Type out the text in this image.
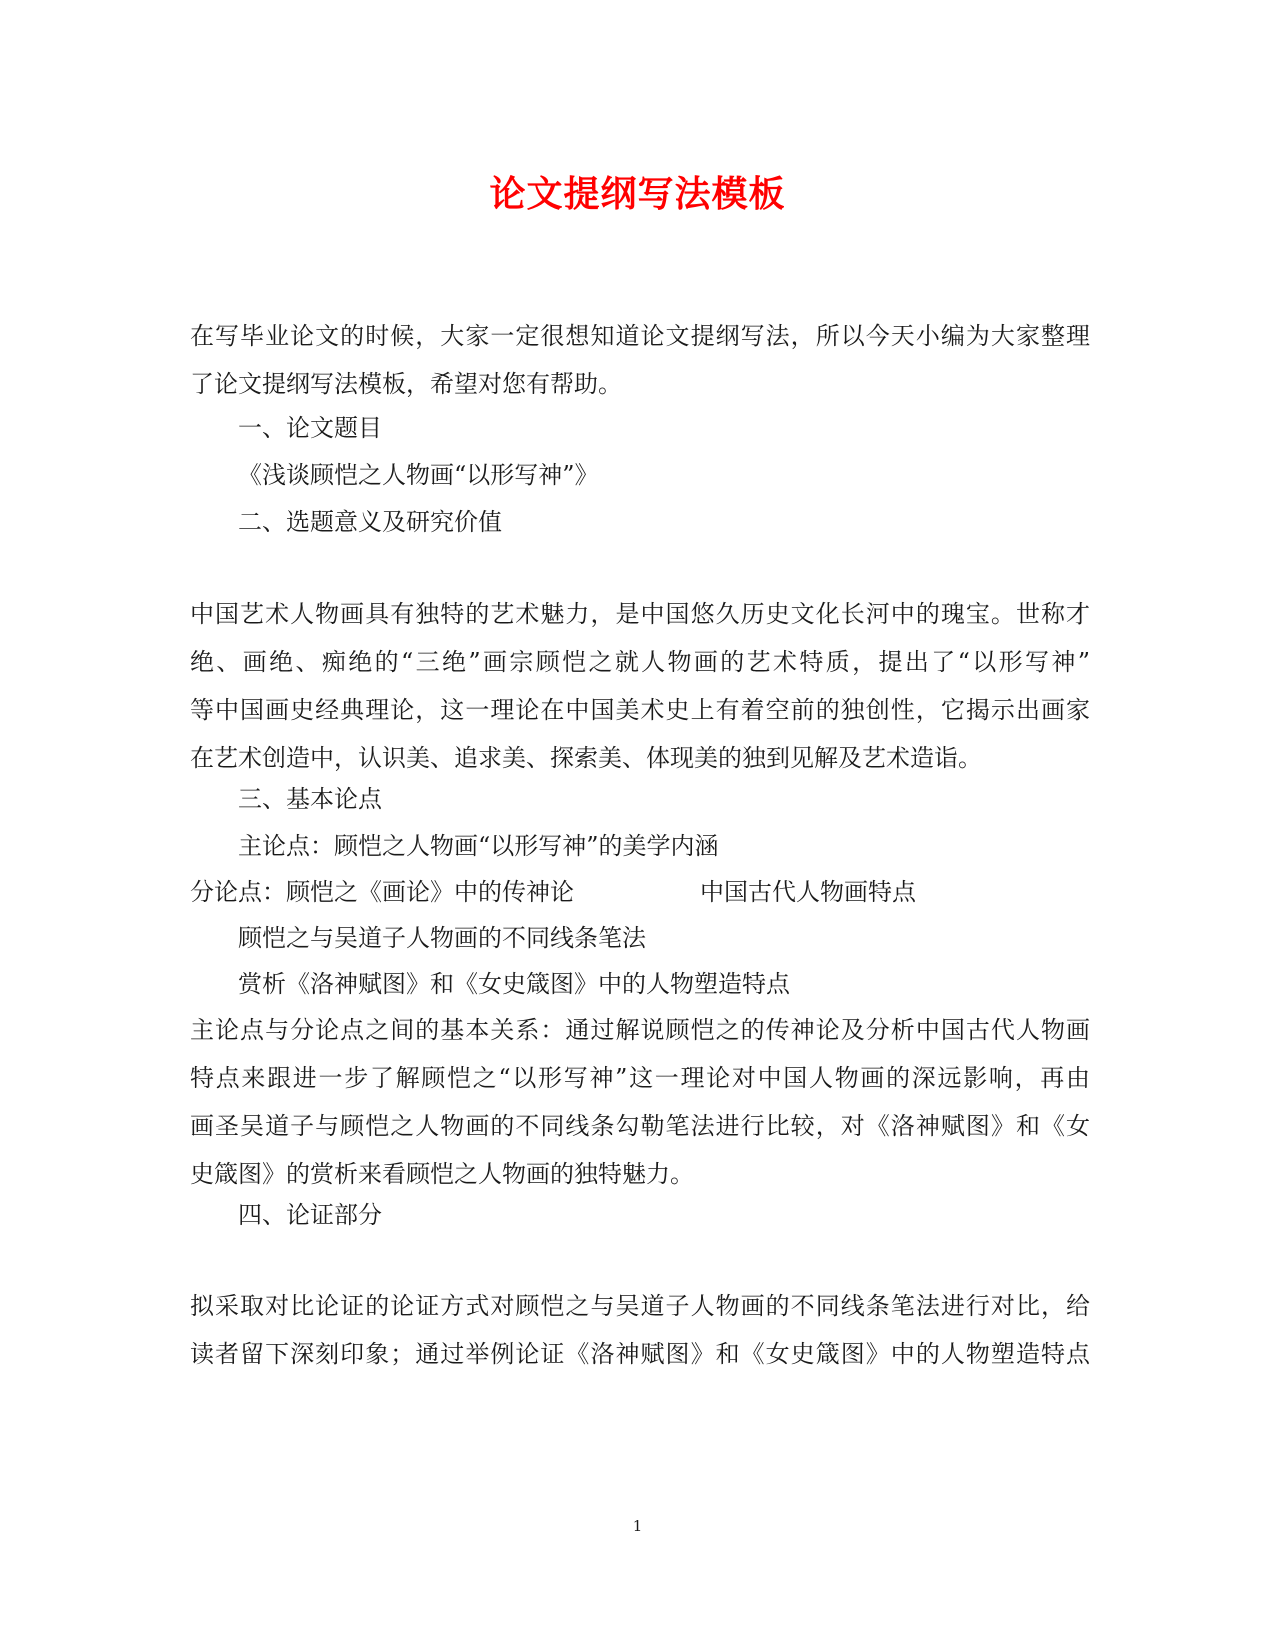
论文提纲写法模板
在写毕业论文的时候，大家一定很想知道论文提纲写法，所以今天小编为大家整理
了论文提纲写法模板，希望对您有帮助。
一、论文题目
《浅谈顾恺之人物画“以形写神”》
二、选题意义及研究价值
中国艺术人物画具有独特的艺术魅力，是中国悠久历史文化长河中的瑰宝。世称才
绝、画绝、痴绝的“三绝”画宗顾恺之就人物画的艺术特质，提出了“以形写神”
等中国画史经典理论，这一理论在中国美术史上有着空前的独创性，它揭示出画家
在艺术创造中，认识美、追求美、探索美、体现美的独到见解及艺术造诣。
三、基本论点
主论点：顾恺之人物画“以形写神”的美学内涵
分论点：顾恺之《画论》中的传神论	中国古代人物画特点
顾恺之与吴道子人物画的不同线条笔法
赏析《洛神赋图》和《女史箴图》中的人物塑造特点
主论点与分论点之间的基本关系：通过解说顾恺之的传神论及分析中国古代人物画
特点来跟进一步了解顾恺之“以形写神”这一理论对中国人物画的深远影响，再由
画圣吴道子与顾恺之人物画的不同线条勾勒笔法进行比较，对《洛神赋图》和《女
史箴图》的赏析来看顾恺之人物画的独特魅力。
四、论证部分
拟采取对比论证的论证方式对顾恺之与吴道子人物画的不同线条笔法进行对比，给
读者留下深刻印象；通过举例论证《洛神赋图》和《女史箴图》中的人物塑造特点
1
